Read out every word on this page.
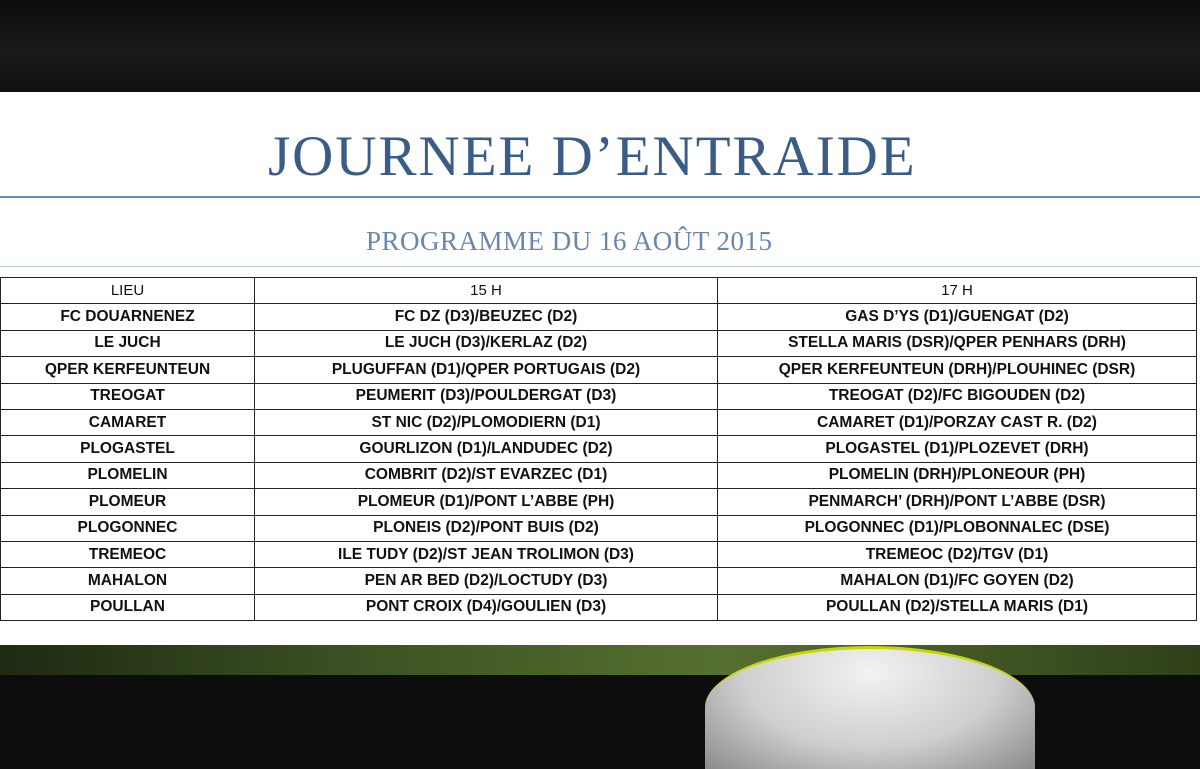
JOURNEE D’ENTRAIDE
PROGRAMME DU 16 AOÛT 2015
LIEU	15 H	17 H
FC DOUARNENEZ	FC DZ (D3)/BEUZEC (D2)	GAS D’YS (D1)/GUENGAT (D2)
LE JUCH	LE JUCH (D3)/KERLAZ (D2)	STELLA MARIS (DSR)/QPER PENHARS (DRH)
QPER KERFEUNTEUN	PLUGUFFAN (D1)/QPER PORTUGAIS (D2)	QPER KERFEUNTEUN (DRH)/PLOUHINEC (DSR)
TREOGAT	PEUMERIT (D3)/POULDERGAT (D3)	TREOGAT (D2)/FC BIGOUDEN (D2)
CAMARET	ST NIC (D2)/PLOMODIERN (D1)	CAMARET (D1)/PORZAY CAST R. (D2)
PLOGASTEL	GOURLIZON (D1)/LANDUDEC (D2)	PLOGASTEL (D1)/PLOZEVET (DRH)
PLOMELIN	COMBRIT (D2)/ST EVARZEC (D1)	PLOMELIN (DRH)/PLONEOUR (PH)
PLOMEUR	PLOMEUR (D1)/PONT L’ABBE (PH)	PENMARCH’ (DRH)/PONT L’ABBE (DSR)
PLOGONNEC	PLONEIS (D2)/PONT BUIS (D2)	PLOGONNEC (D1)/PLOBONNALEC (DSE)
TREMEOC	ILE TUDY (D2)/ST JEAN TROLIMON (D3)	TREMEOC (D2)/TGV (D1)
MAHALON	PEN AR BED (D2)/LOCTUDY (D3)	MAHALON (D1)/FC GOYEN (D2)
POULLAN	PONT CROIX (D4)/GOULIEN (D3)	POULLAN (D2)/STELLA MARIS (D1)
